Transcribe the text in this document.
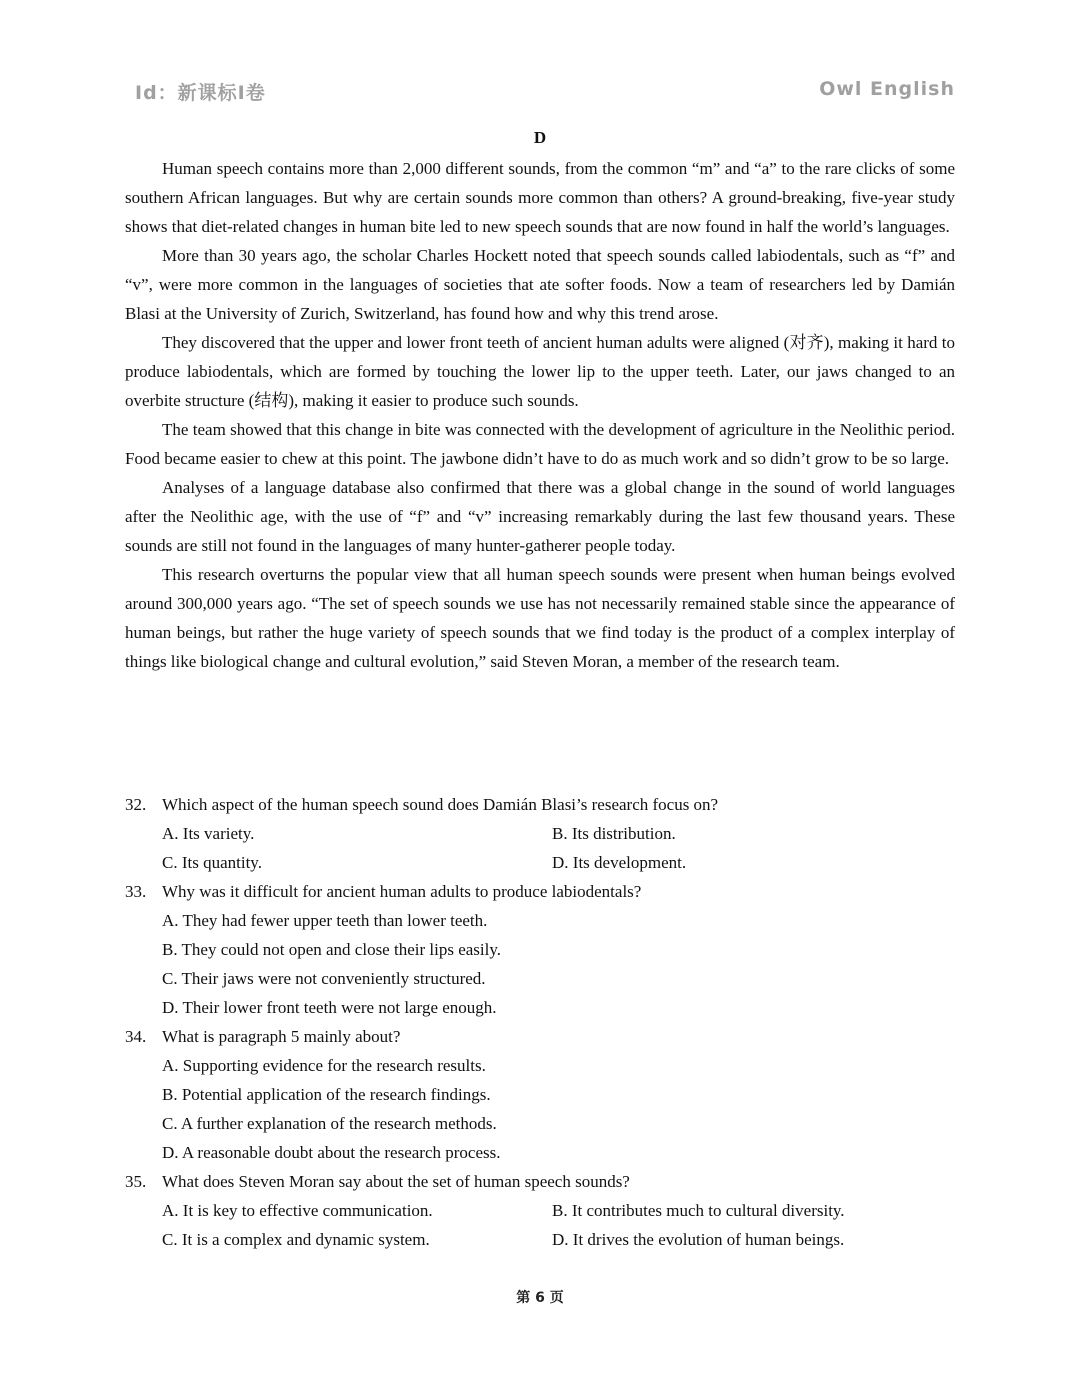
Id：新课标I卷	Owl English
D

Human speech contains more than 2,000 different sounds, from the common “m” and “a” to the rare clicks of some southern African languages. But why are certain sounds more common than others? A ground-breaking, five-year study shows that diet-related changes in human bite led to new speech sounds that are now found in half the world’s languages.

More than 30 years ago, the scholar Charles Hockett noted that speech sounds called labiodentals, such as “f” and “v”, were more common in the languages of societies that ate softer foods. Now a team of researchers led by Damián Blasi at the University of Zurich, Switzerland, has found how and why this trend arose.

They discovered that the upper and lower front teeth of ancient human adults were aligned (对齐), making it hard to produce labiodentals, which are formed by touching the lower lip to the upper teeth. Later, our jaws changed to an overbite structure (结构), making it easier to produce such sounds.

The team showed that this change in bite was connected with the development of agriculture in the Neolithic period. Food became easier to chew at this point. The jawbone didn’t have to do as much work and so didn’t grow to be so large.

Analyses of a language database also confirmed that there was a global change in the sound of world languages after the Neolithic age, with the use of “f” and “v” increasing remarkably during the last few thousand years. These sounds are still not found in the languages of many hunter-gatherer people today.

This research overturns the popular view that all human speech sounds were present when human beings evolved around 300,000 years ago. “The set of speech sounds we use has not necessarily remained stable since the appearance of human beings, but rather the huge variety of speech sounds that we find today is the product of a complex interplay of things like biological change and cultural evolution,” said Steven Moran, a member of the research team.

32. Which aspect of the human speech sound does Damián Blasi’s research focus on?
A. Its variety.	B. Its distribution.
C. Its quantity.	D. Its development.
33. Why was it difficult for ancient human adults to produce labiodentals?
A. They had fewer upper teeth than lower teeth.
B. They could not open and close their lips easily.
C. Their jaws were not conveniently structured.
D. Their lower front teeth were not large enough.
34. What is paragraph 5 mainly about?
A. Supporting evidence for the research results.
B. Potential application of the research findings.
C. A further explanation of the research methods.
D. A reasonable doubt about the research process.
35. What does Steven Moran say about the set of human speech sounds?
A. It is key to effective communication.	B. It contributes much to cultural diversity.
C. It is a complex and dynamic system.	D. It drives the evolution of human beings.
第 6 页
